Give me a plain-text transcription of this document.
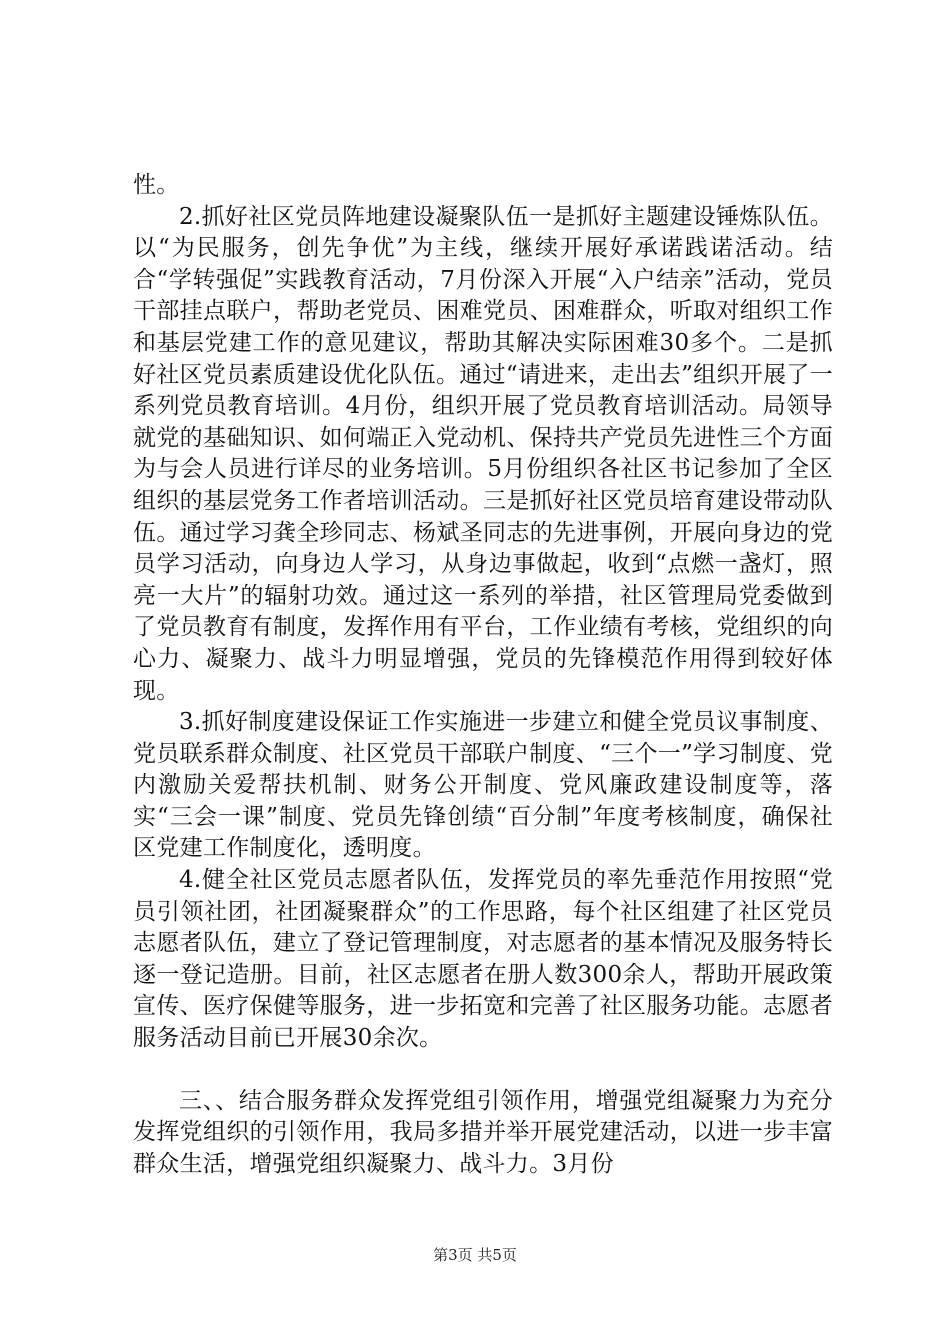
性。

2.抓好社区党员阵地建设凝聚队伍一是抓好主题建设锤炼队伍。以“为民服务，创先争优”为主线，继续开展好承诺践诺活动。结合“学转强促”实践教育活动，7月份深入开展“入户结亲”活动，党员干部挂点联户，帮助老党员、困难党员、困难群众，听取对组织工作和基层党建工作的意见建议，帮助其解决实际困难30多个。二是抓好社区党员素质建设优化队伍。通过“请进来，走出去”组织开展了一系列党员教育培训。4月份，组织开展了党员教育培训活动。局领导就党的基础知识、如何端正入党动机、保持共产党员先进性三个方面为与会人员进行详尽的业务培训。5月份组织各社区书记参加了全区组织的基层党务工作者培训活动。三是抓好社区党员培育建设带动队伍。通过学习龚全珍同志、杨斌圣同志的先进事例，开展向身边的党员学习活动，向身边人学习，从身边事做起，收到“点燃一盏灯，照亮一大片”的辐射功效。通过这一系列的举措，社区管理局党委做到了党员教育有制度，发挥作用有平台，工作业绩有考核，党组织的向心力、凝聚力、战斗力明显增强，党员的先锋模范作用得到较好体现。

3.抓好制度建设保证工作实施进一步建立和健全党员议事制度、党员联系群众制度、社区党员干部联户制度、“三个一”学习制度、党内激励关爱帮扶机制、财务公开制度、党风廉政建设制度等，落实“三会一课”制度、党员先锋创绩“百分制”年度考核制度，确保社区党建工作制度化，透明度。

4.健全社区党员志愿者队伍，发挥党员的率先垂范作用按照“党员引领社团，社团凝聚群众”的工作思路，每个社区组建了社区党员志愿者队伍，建立了登记管理制度，对志愿者的基本情况及服务特长逐一登记造册。目前，社区志愿者在册人数300余人，帮助开展政策宣传、医疗保健等服务，进一步拓宽和完善了社区服务功能。志愿者服务活动目前已开展30余次。

三、、结合服务群众发挥党组引领作用，增强党组凝聚力为充分发挥党组织的引领作用，我局多措并举开展党建活动，以进一步丰富群众生活，增强党组织凝聚力、战斗力。3月份

第3页 共5页
